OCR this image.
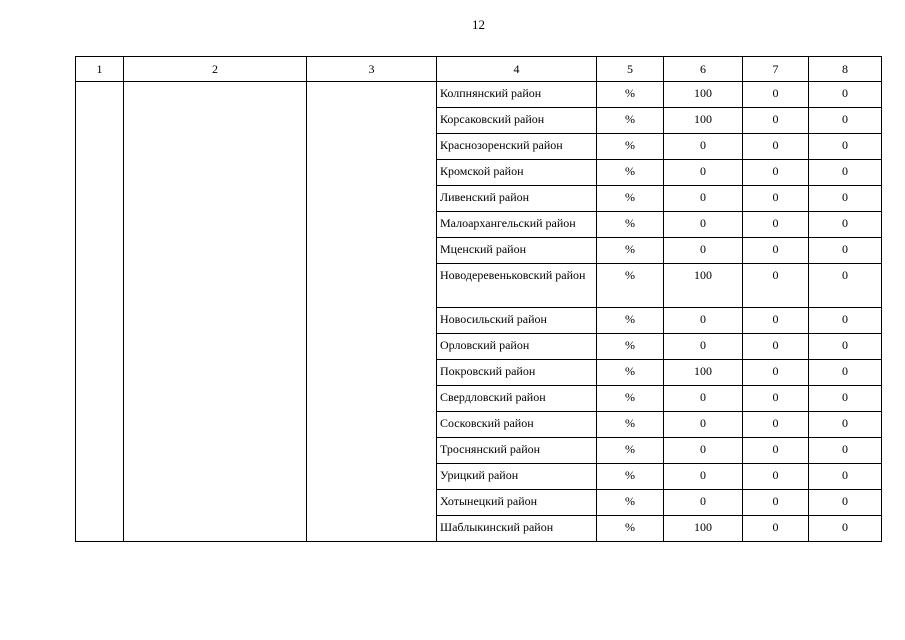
12
1	2	3	4	5	6	7	8
			Колпнянский район	%	100	0	0
			Корсаковский район	%	100	0	0
			Краснозоренский район	%	0	0	0
			Кромской район	%	0	0	0
			Ливенский район	%	0	0	0
			Малоархангельский район	%	0	0	0
			Мценский район	%	0	0	0
			Новодеревеньковский район	%	100	0	0
			Новосильский район	%	0	0	0
			Орловский район	%	0	0	0
			Покровский район	%	100	0	0
			Свердловский район	%	0	0	0
			Сосковский район	%	0	0	0
			Троснянский район	%	0	0	0
			Урицкий район	%	0	0	0
			Хотынецкий район	%	0	0	0
			Шаблыкинский район	%	100	0	0
